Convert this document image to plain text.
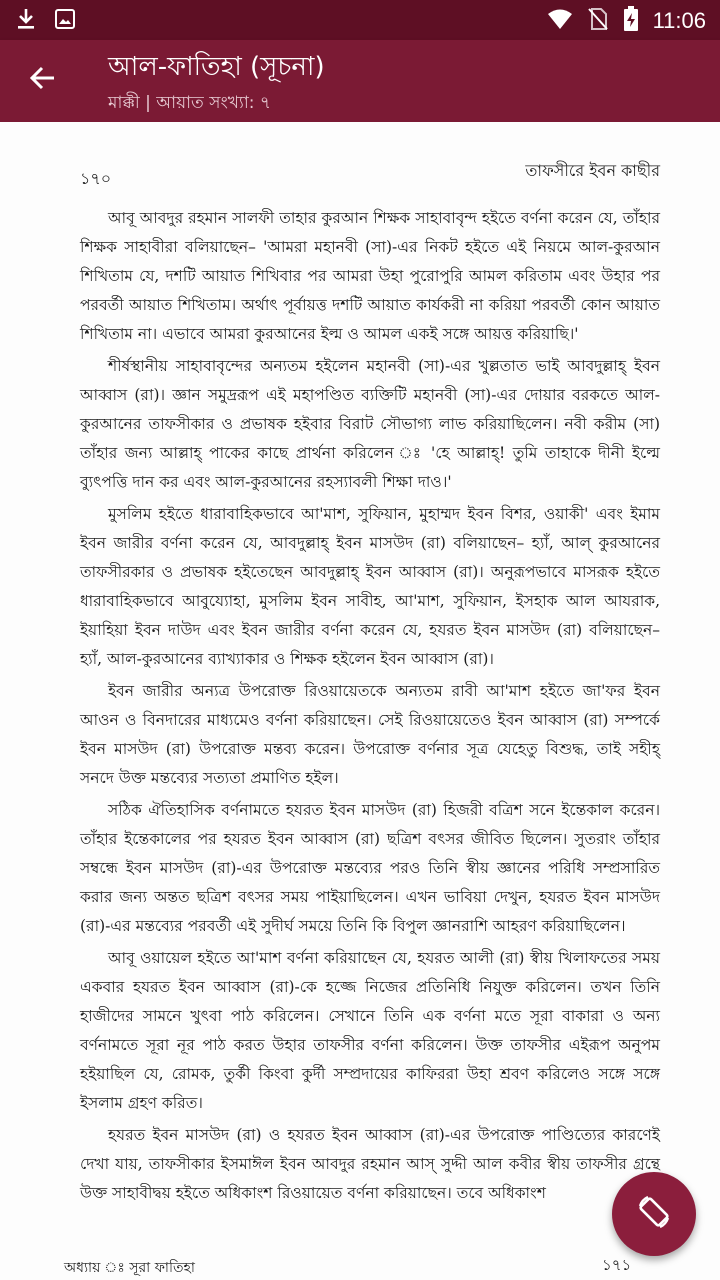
11:06
আল-ফাতিহা (সূচনা)
মাক্কী | আয়াত সংখ্যা: ৭
১৭০	তাফসীরে ইবন কাছীর

আবূ আবদুর রহমান সালফী তাহার কুরআন শিক্ষক সাহাবাবৃন্দ হইতে বর্ণনা করেন যে, তাঁহার শিক্ষক সাহাবীরা বলিয়াছেন– 'আমরা মহানবী (সা)-এর নিকট হইতে এই নিয়মে আল-কুরআন শিখিতাম যে, দশটি আয়াত শিখিবার পর আমরা উহা পুরোপুরি আমল করিতাম এবং উহার পর পরবর্তী আয়াত শিখিতাম। অর্থাৎ পূর্বায়ত্ত দশটি আয়াত কার্যকরী না করিয়া পরবর্তী কোন আয়াত শিখিতাম না। এভাবে আমরা কুরআনের ইল্ম ও আমল একই সঙ্গে আয়ত্ত করিয়াছি।'

শীর্ষস্থানীয় সাহাবাবৃন্দের অন্যতম হইলেন মহানবী (সা)-এর খুল্লতাত ভাই আবদুল্লাহ্ ইবন আব্বাস (রা)। জ্ঞান সমুদ্ররূপ এই মহাপণ্ডিত ব্যক্তিটি মহানবী (সা)-এর দোয়ার বরকতে আল-কুরআনের তাফসীকার ও প্রভাষক হইবার বিরাট সৌভাগ্য লাভ করিয়াছিলেন। নবী করীম (সা) তাঁহার জন্য আল্লাহ্ পাকের কাছে প্রার্থনা করিলেন ঃ 'হে আল্লাহ্! তুমি তাহাকে দীনী ইল্মে ব্যুৎপত্তি দান কর এবং আল-কুরআনের রহস্যাবলী শিক্ষা দাও।'

মুসলিম হইতে ধারাবাহিকভাবে আ'মাশ, সুফিয়ান, মুহাম্মদ ইবন বিশর, ওয়াকী' এবং ইমাম ইবন জারীর বর্ণনা করেন যে, আবদুল্লাহ্ ইবন মাসউদ (রা) বলিয়াছেন– হ্যাঁ, আল্ কুরআনের তাফসীরকার ও প্রভাষক হইতেছেন আবদুল্লাহ্ ইবন আব্বাস (রা)। অনুরূপভাবে মাসরূক হইতে ধারাবাহিকভাবে আবুয্যোহা, মুসলিম ইবন সাবীহ, আ'মাশ, সুফিয়ান, ইসহাক আল আযরাক, ইয়াহিয়া ইবন দাউদ এবং ইবন জারীর বর্ণনা করেন যে, হযরত ইবন মাসউদ (রা) বলিয়াছেন– হ্যাঁ, আল-কুরআনের ব্যাখ্যাকার ও শিক্ষক হইলেন ইবন আব্বাস (রা)।

ইবন জারীর অন্যত্র উপরোক্ত রিওয়ায়েতকে অন্যতম রাবী আ'মাশ হইতে জা'ফর ইবন আওন ও বিনদারের মাধ্যমেও বর্ণনা করিয়াছেন। সেই রিওয়ায়েতেও ইবন আব্বাস (রা) সম্পর্কে ইবন মাসউদ (রা) উপরোক্ত মন্তব্য করেন। উপরোক্ত বর্ণনার সূত্র যেহেতু বিশুদ্ধ, তাই সহীহ্ সনদে উক্ত মন্তব্যের সত্যতা প্রমাণিত হইল।

সঠিক ঐতিহাসিক বর্ণনামতে হযরত ইবন মাসউদ (রা) হিজরী বত্রিশ সনে ইন্তেকাল করেন। তাঁহার ইন্তেকালের পর হযরত ইবন আব্বাস (রা) ছত্রিশ বৎসর জীবিত ছিলেন। সুতরাং তাঁহার সম্বন্ধে ইবন মাসউদ (রা)-এর উপরোক্ত মন্তব্যের পরও তিনি স্বীয় জ্ঞানের পরিধি সম্প্রসারিত করার জন্য অন্তত ছত্রিশ বৎসর সময় পাইয়াছিলেন। এখন ভাবিয়া দেখুন, হযরত ইবন মাসউদ (রা)-এর মন্তব্যের পরবর্তী এই সুদীর্ঘ সময়ে তিনি কি বিপুল জ্ঞানরাশি আহরণ করিয়াছিলেন।

আবূ ওয়ায়েল হইতে আ'মাশ বর্ণনা করিয়াছেন যে, হযরত আলী (রা) স্বীয় খিলাফতের সময় একবার হযরত ইবন আব্বাস (রা)-কে হজ্জে নিজের প্রতিনিধি নিযুক্ত করিলেন। তখন তিনি হাজীদের সামনে খুৎবা পাঠ করিলেন। সেখানে তিনি এক বর্ণনা মতে সূরা বাকারা ও অন্য বর্ণনামতে সূরা নূর পাঠ করত উহার তাফসীর বর্ণনা করিলেন। উক্ত তাফসীর এইরূপ অনুপম হইয়াছিল যে, রোমক, তুর্কী কিংবা কুর্দী সম্প্রদায়ের কাফিররা উহা শ্রবণ করিলেও সঙ্গে সঙ্গে ইসলাম গ্রহণ করিত।

হযরত ইবন মাসউদ (রা) ও হযরত ইবন আব্বাস (রা)-এর উপরোক্ত পাণ্ডিত্যের কারণেই দেখা যায়, তাফসীকার ইসমাঈল ইবন আবদুর রহমান আস্ সুদ্দী আল কবীর স্বীয় তাফসীর গ্রন্থে উক্ত সাহাবীদ্বয় হইতে অধিকাংশ রিওয়ায়েত বর্ণনা করিয়াছেন। তবে অধিকাংশ

অধ্যায় ঃ সূরা ফাতিহা	১৭১
